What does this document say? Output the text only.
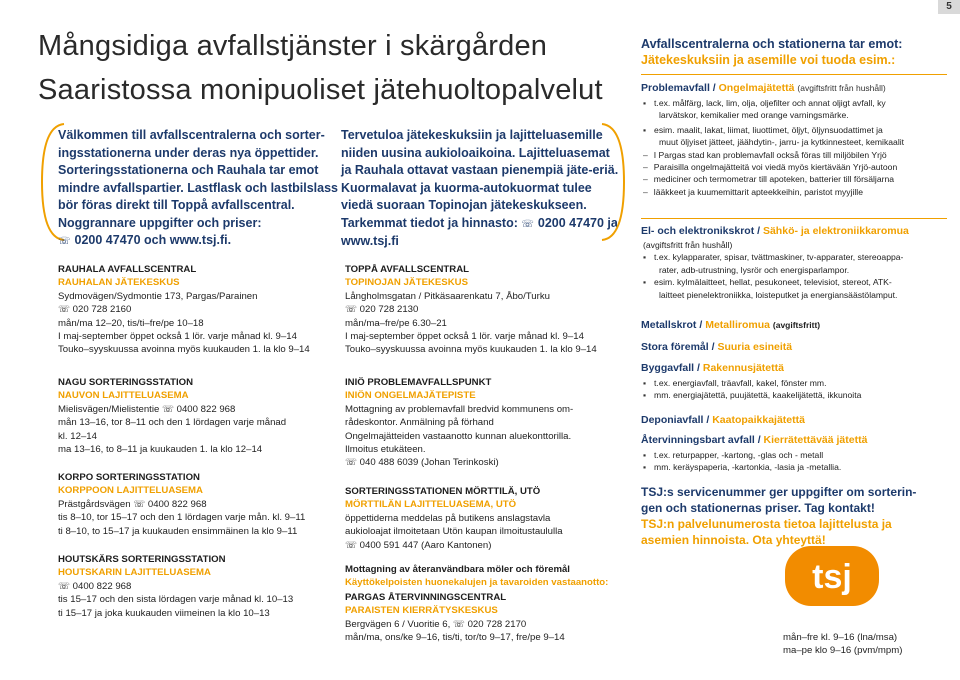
5
Mångsidiga avfallstjänster i skärgården
Saaristossa monipuoliset jätehuoltopalvelut
Välkommen till avfallscentralerna och sorter-
ingsstationerna under deras nya öppettider.
Sorteringsstationerna och Rauhala tar emot
mindre avfallspartier. Lastflask och lastbilslass
bör föras direkt till Toppå avfallscentral.
Noggrannare uppgifter och priser:
☏ 0200 47470 och www.tsj.fi.
Tervetuloa jätekeskuksiin ja lajitteluasemille
niiden uusina aukioloaikoina. Lajitteluasemat
ja Rauhala ottavat vastaan pienempiä jäte-eriä.
Kuormalavat ja kuorma-autokuormat tulee
viedä suoraan Topinojan jätekeskukseen.
Tarkemmat tiedot ja hinnasto: ☏ 0200 47470 ja
www.tsj.fi
RAUHALA AVFALLSCENTRAL
RAUHALAN JÄTEKESKUS
Sydmovägen/Sydmontie 173, Pargas/Parainen
☏ 020 728 2160
mån/ma 12–20, tis/ti–fre/pe 10–18
I maj-september öppet också 1 lör. varje månad kl. 9–14
Touko–syyskuussa avoinna myös kuukauden 1. la klo 9–14
NAGU SORTERINGSSTATION
NAUVON LAJITTELUASEMA
Mielisvägen/Mielistentie ☏ 0400 822 968
mån 13–16, tor 8–11 och den 1 lördagen varje månad
kl. 12–14
ma 13–16, to 8–11 ja kuukauden 1. la klo 12–14
KORPO SORTERINGSSTATION
KORPPOON LAJITTELUASEMA
Prästgårdsvägen ☏ 0400 822 968
tis 8–10, tor 15–17 och den 1 lördagen varje mån. kl. 9–11
ti 8–10, to 15–17 ja kuukauden ensimmäinen la klo 9–11
HOUTSKÄRS SORTERINGSSTATION
HOUTSKARIN LAJITTELUASEMA
☏ 0400 822 968
tis 15–17 och den sista lördagen varje månad kl. 10–13
ti 15–17 ja joka kuukauden viimeinen la klo 10–13
TOPPÅ AVFALLSCENTRAL
TOPINOJAN JÄTEKESKUS
Långholmsgatan / Pitkäsaarenkatu 7, Åbo/Turku
☏ 020 728 2130
mån/ma–fre/pe 6.30–21
I maj-september öppet också 1 lör. varje månad kl. 9–14
Touko–syyskuussa avoinna myös kuukauden 1. la klo 9–14
INIÖ PROBLEMAVFALLSPUNKT
INIÖN ONGELMAJÄTEPISTE
Mottagning av problemavfall bredvid kommunens om-
rådeskontor. Anmälning på förhand
Ongelmajätteiden vastaanotto kunnan aluekonttorilla.
Ilmoitus etukäteen.
☏ 040 488 6039 (Johan Terinkoski)
SORTERINGSSTATIONEN MÖRTTILÄ, UTÖ
MÖRTTILÄN LAJITTELUASEMA, UTÖ
öppettiderna meddelas på butikens anslagstavla
aukioloajat ilmoitetaan Utön kaupan ilmoitustaululla
☏ 0400 591 447 (Aaro Kantonen)
Mottagning av återanvändbara möler och föremål
Käyttökelpoisten huonekalujen ja tavaroiden vastaanotto:
PARGAS ÅTERVINNINGSCENTRAL
PARAISTEN KIERRÄTYSKESKUS
Bergvägen 6 / Vuoritie 6, ☏ 020 728 2170
mån/ma, ons/ke 9–16, tis/ti, tor/to 9–17, fre/pe 9–14
Avfallscentralerna och stationerna tar emot:
Jätekeskuksiin ja asemille voi tuoda esim.:
Problemavfall / Ongelmajätettä (avgiftsfritt från hushåll)
▪ t.ex. målfärg, lack, lim, olja, oljefilter och annat oljigt avfall, ky
larvätskor, kemikalier med orange varningsmärke.
▪ esim. maalit, lakat, liimat, liuottimet, öljyt, öljynsuodattimet ja
muut öljyiset jätteet, jäähdytin-, jarru- ja kytkinnesteet, kemikaalit
– I Pargas stad kan problemavfall också föras till miljöbilen Yrjö
– Paraisilla ongelmajätteitä voi viedä myös kiertävään Yrjö-autoon
– mediciner och termometrar till apoteken, batterier till försäljarna
– lääkkeet ja kuumemittarit apteekkeihin, paristot myyjille
El- och elektronikskrot / Sähkö- ja elektroniikkaromua
(avgiftsfritt från hushåll)
▪ t.ex. kylapparater, spisar, tvättmaskiner, tv-apparater, stereoappa-
rater, adb-utrustning, lysrör och energisparlampor.
▪ esim. kylmälaitteet, hellat, pesukoneet, televisiot, stereot, ATK-
laitteet pienelektroniikka, loisteputket ja energiansäästölamput.
Metallskrot / Metalliromua (avgiftsfritt)
Stora föremål / Suuria esineitä
Byggavfall / Rakennusjätettä
▪ t.ex. energiavfall, träavfall, kakel, fönster mm.
▪ mm. energiajätettä, puujätettä, kaakelijätettä, ikkunoita
Deponiavfall / Kaatopaikkajätettä
Återvinningsbart avfall / Kierrätettävää jätettä
▪ t.ex. returpapper, -kartong, -glas och - metall
▪ mm. keräyspaperia, -kartonkia, -lasia ja -metallia.
TSJ:s servicenummer ger uppgifter om sorterin-
gen och stationernas priser. Tag kontakt!
TSJ:n palvelunumerosta tietoa lajittelusta ja
asemien hinnoista. Ota yhteyttä!
tsj
mån–fre kl. 9–16 (lna/msa)
ma–pe klo 9–16 (pvm/mpm)
